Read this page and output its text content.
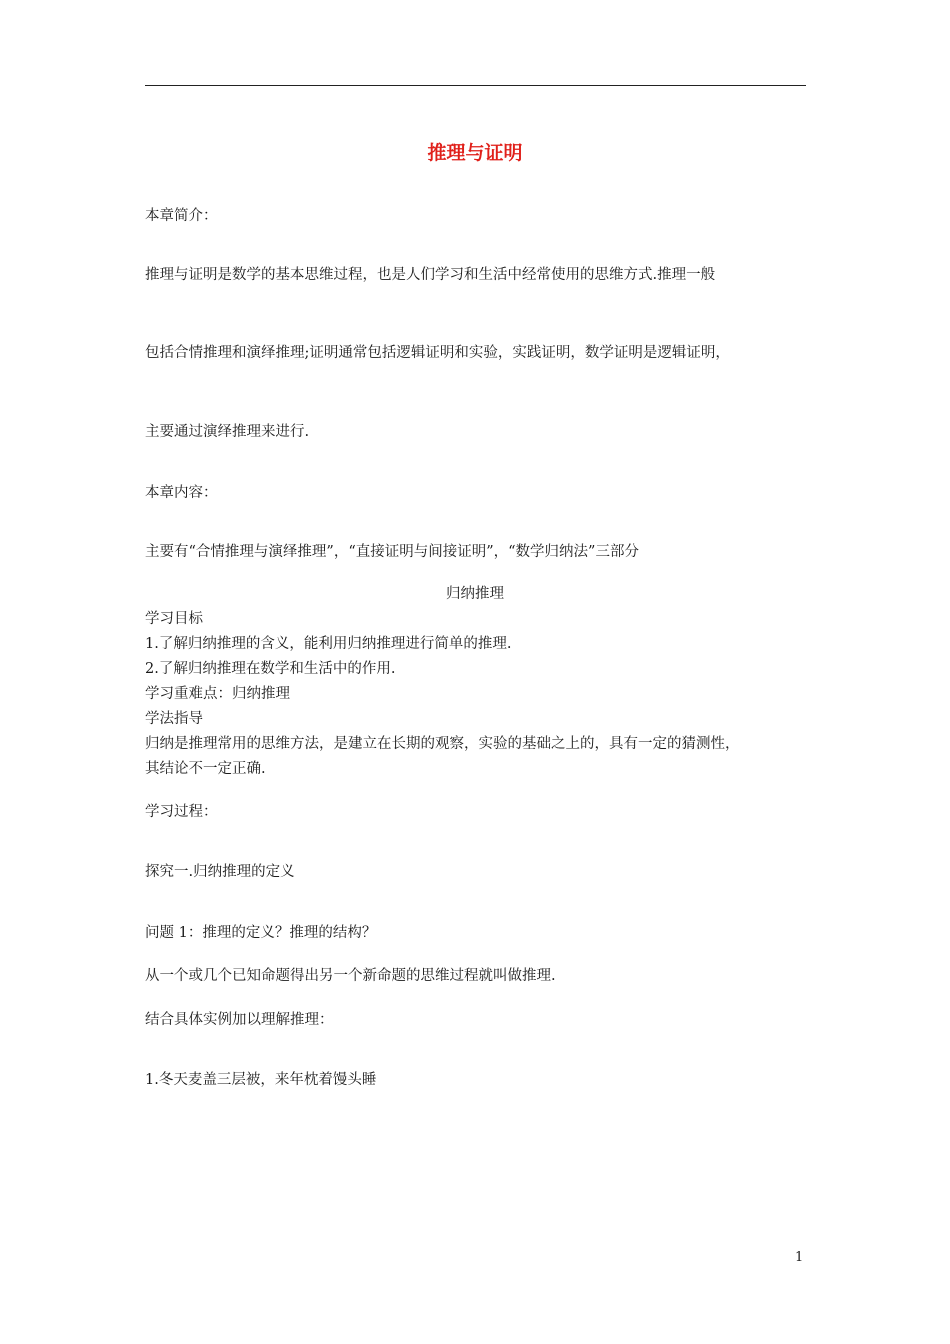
推理与证明
本章简介：
推理与证明是数学的基本思维过程，也是人们学习和生活中经常使用的思维方式.推理一般
包括合情推理和演绎推理;证明通常包括逻辑证明和实验，实践证明，数学证明是逻辑证明，
主要通过演绎推理来进行.
本章内容：
主要有“合情推理与演绎推理”，“直接证明与间接证明”，“数学归纳法”三部分
归纳推理
学习目标
1.了解归纳推理的含义，能利用归纳推理进行简单的推理.
2.了解归纳推理在数学和生活中的作用.
学习重难点：归纳推理
学法指导
归纳是推理常用的思维方法，是建立在长期的观察，实验的基础之上的，具有一定的猜测性，
其结论不一定正确.
学习过程：
探究一.归纳推理的定义
问题 1：推理的定义？推理的结构？
从一个或几个已知命题得出另一个新命题的思维过程就叫做推理.
结合具体实例加以理解推理：
1.冬天麦盖三层被，来年枕着馒头睡
1
